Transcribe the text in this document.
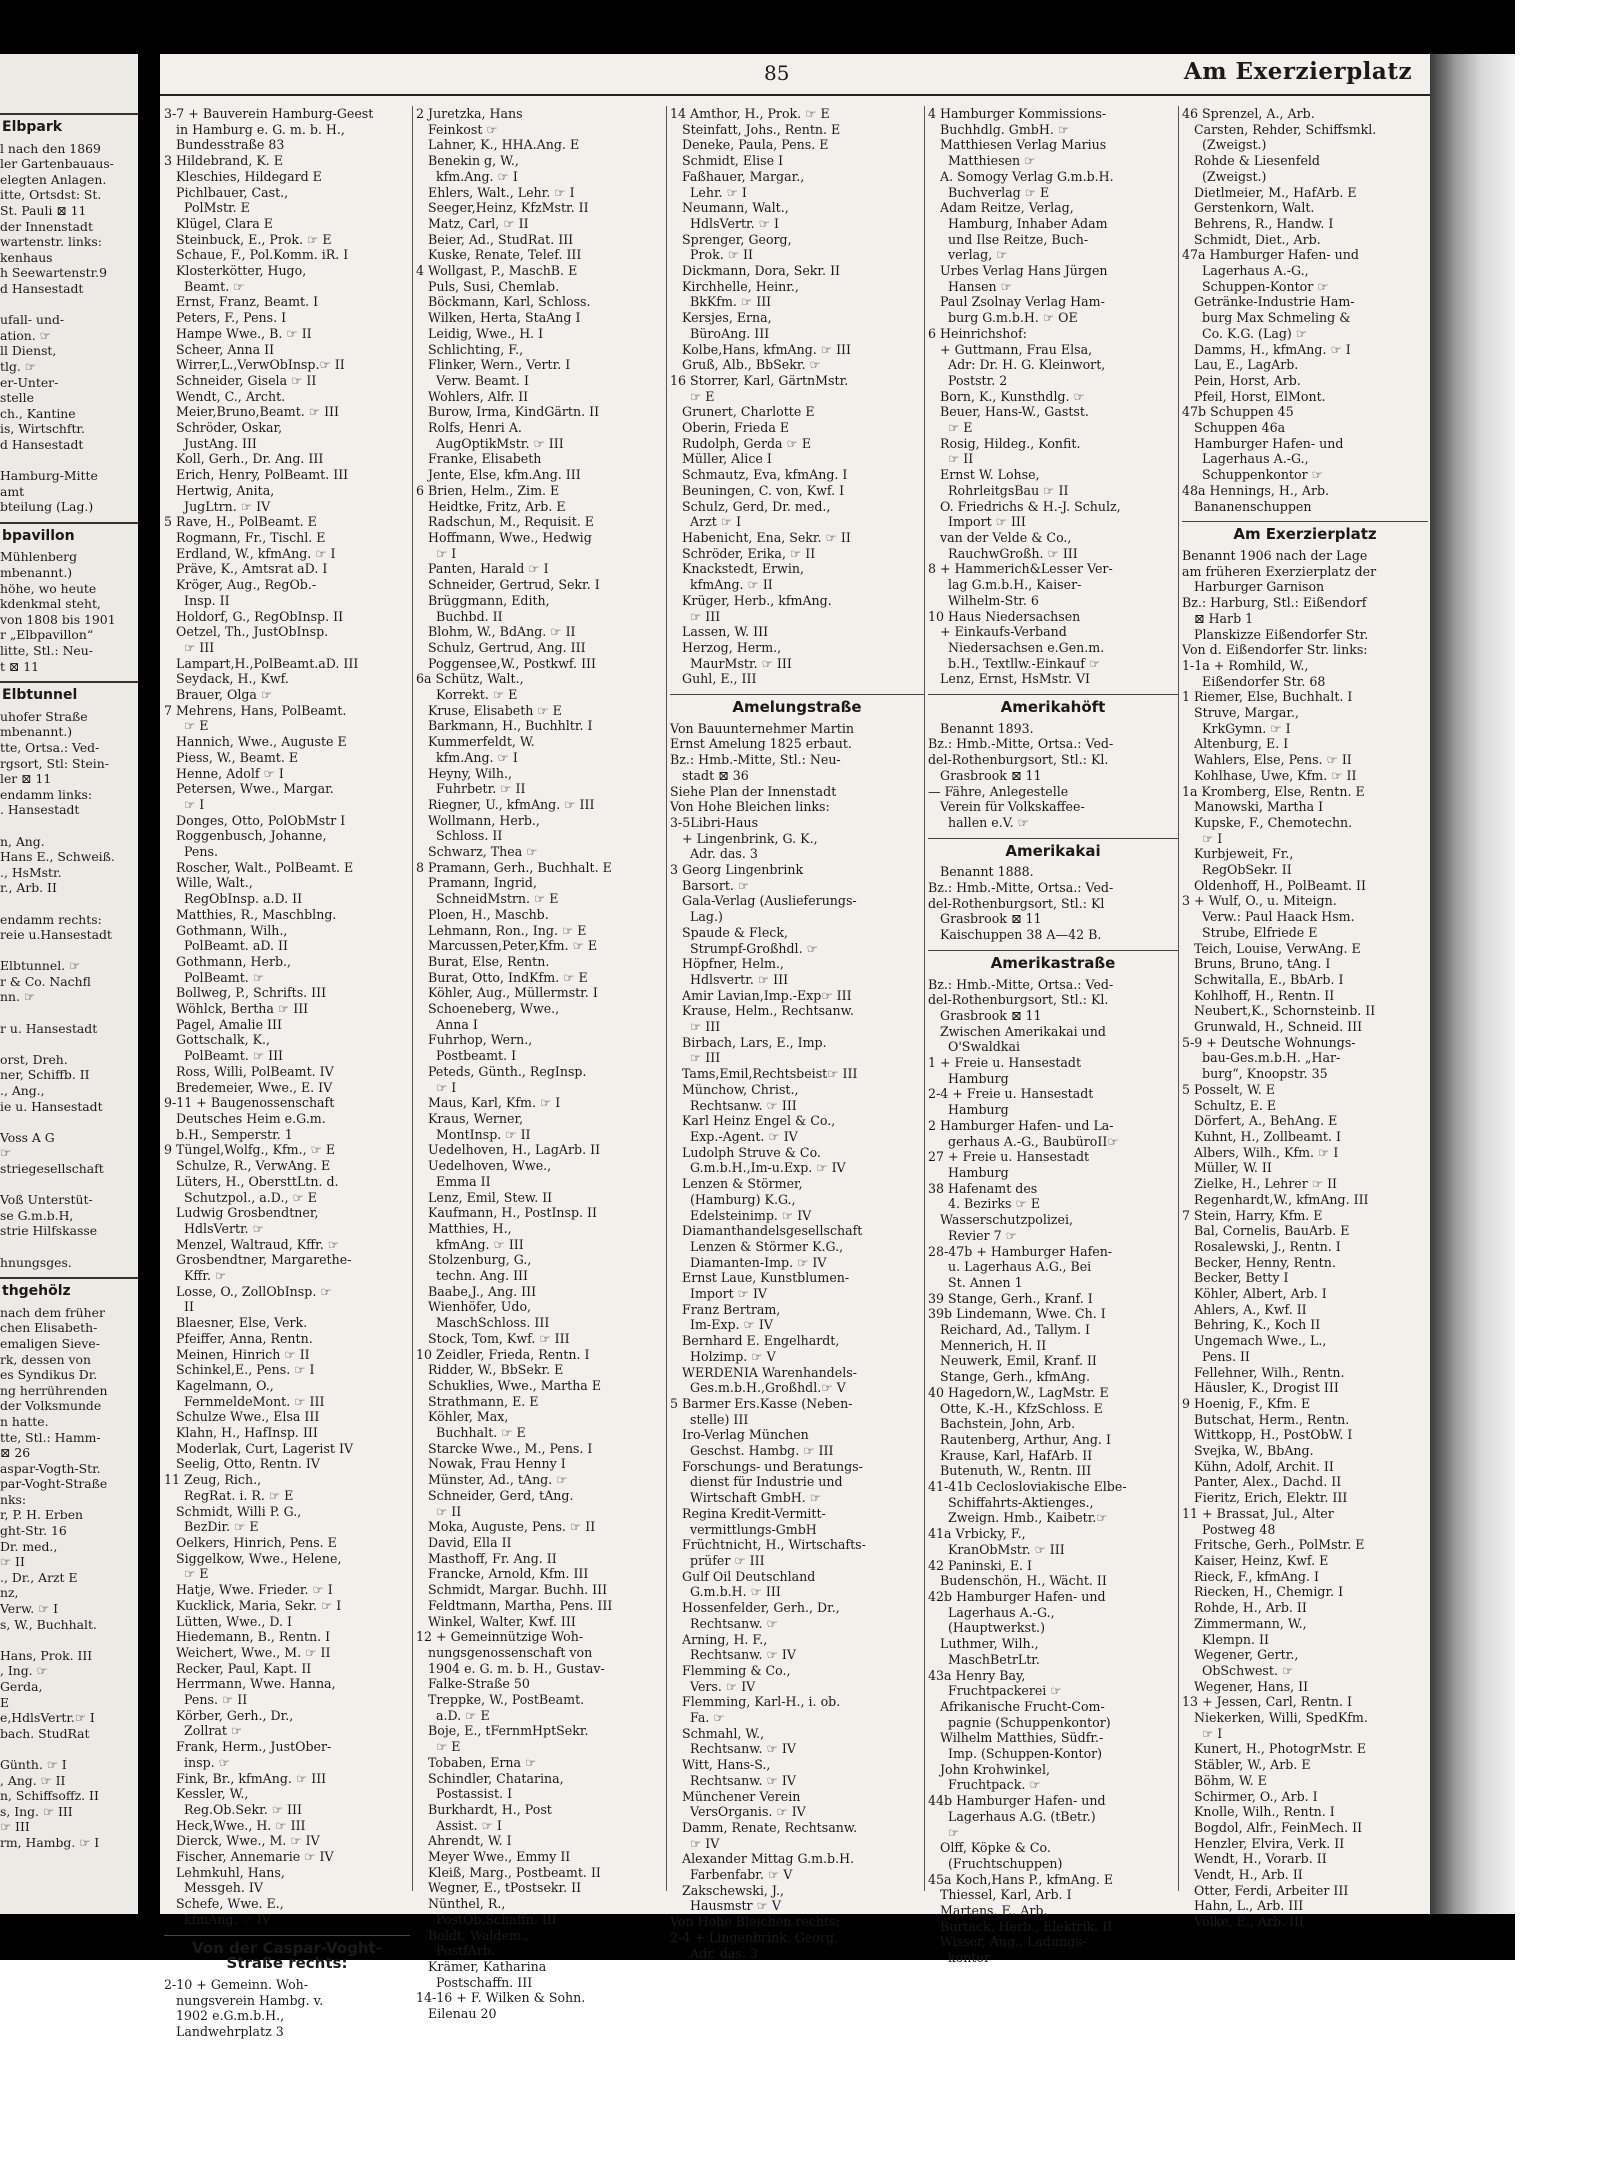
Elbpark
l nach den 1869
ler Gartenbauaus-
elegten Anlagen.
itte, Ortsdst: St.
St. Pauli ⊠ 11
der Innenstadt
wartenstr. links:
kenhaus
h Seewartenstr.9
d Hansestadt

ufall- und-
ation. ☞
ll Dienst,
tlg. ☞
er-Unter-
stelle
ch., Kantine
is, Wirtschftr.
d Hansestadt

Hamburg-Mitte
amt
bteilung (Lag.)
bpavillon
Mühlenberg
mbenannt.)
höhe, wo heute
kdenkmal steht,
von 1808 bis 1901
r „Elbpavillon“
litte, Stl.: Neu-
t ⊠ 11
Elbtunnel
uhofer Straße
mbenannt.)
tte, Ortsa.: Ved-
rgsort, Stl: Stein-
ler ⊠ 11
endamm links:
. Hansestadt

n, Ang.
Hans E., Schweiß.
., HsMstr.
r., Arb. II

endamm rechts:
reie u.Hansestadt

Elbtunnel. ☞
r & Co. Nachfl
nn. ☞

r u. Hansestadt

orst, Dreh.
ner, Schiffb. II
., Ang.,
ie u. Hansestadt

Voss A G
☞
striegesellschaft

Voß Unterstüt-
se G.m.b.H,
strie Hilfskasse

hnungsges.
thgehölz
nach dem früher
chen Elisabeth-
emaligen Sieve-
rk, dessen von
es Syndikus Dr.
ng herrührenden
der Volksmunde
n hatte.
tte, Stl.: Hamm-
⊠ 26
aspar-Vogth-Str.
par-Voght-Straße
nks:
r, P. H. Erben
ght-Str. 16
Dr. med.,
☞ II
., Dr., Arzt E
nz,
Verw. ☞ I
s, W., Buchhalt.

Hans, Prok. III
, Ing. ☞
Gerda,
E
e,HdlsVertr.☞ I
bach. StudRat

Günth. ☞ I
, Ang. ☞ II
n, Schiffsoffz. II
s, Ing. ☞ III
☞ III
rm, Hambg. ☞ I
85	Am Exerzierplatz
3-7 + Bauverein Hamburg-Geest
in Hamburg e. G. m. b. H.,
Bundesstraße 83
3 Hildebrand, K. E
Kleschies, Hildegard E
Pichlbauer, Cast.,
PolMstr. E
Klügel, Clara E
Steinbuck, E., Prok. ☞ E
Schaue, F., Pol.Komm. iR. I
Klosterkötter, Hugo,
Beamt. ☞
Ernst, Franz, Beamt. I
Peters, F., Pens. I
Hampe Wwe., B. ☞ II
Scheer, Anna II
Wirrer,L.,VerwObInsp.☞ II
Schneider, Gisela ☞ II
Wendt, C., Archt.
Meier,Bruno,Beamt. ☞ III
Schröder, Oskar,
JustAng. III
Koll, Gerh., Dr. Ang. III
Erich, Henry, PolBeamt. III
Hertwig, Anita,
JugLtrn. ☞ IV
5 Rave, H., PolBeamt. E
Rogmann, Fr., Tischl. E
Erdland, W., kfmAng. ☞ I
Präve, K., Amtsrat aD. I
Kröger, Aug., RegOb.-
Insp. II
Holdorf, G., RegObInsp. II
Oetzel, Th., JustObInsp.
☞ III
Lampart,H.,PolBeamt.aD. III
Seydack, H., Kwf.
Brauer, Olga ☞
7 Mehrens, Hans, PolBeamt.
☞ E
Hannich, Wwe., Auguste E
Piess, W., Beamt. E
Henne, Adolf ☞ I
Petersen, Wwe., Margar.
☞ I
Donges, Otto, PolObMstr I
Roggenbusch, Johanne,
Pens.
Roscher, Walt., PolBeamt. E
Wille, Walt.,
RegObInsp. a.D. II
Matthies, R., Maschblng.
Gothmann, Wilh.,
PolBeamt. aD. II
Gothmann, Herb.,
PolBeamt. ☞
Bollweg, P., Schrifts. III
Wöhlck, Bertha ☞ III
Pagel, Amalie III
Gottschalk, K.,
PolBeamt. ☞ III
Ross, Willi, PolBeamt. IV
Bredemeier, Wwe., E. IV
9-11 + Baugenossenschaft
Deutsches Heim e.G.m.
b.H., Semperstr. 1
9 Tüngel,Wolfg., Kfm., ☞ E
Schulze, R., VerwAng. E
Lüters, H., ObersttLtn. d.
Schutzpol., a.D., ☞ E
Ludwig Grosbendtner,
HdlsVertr. ☞
Menzel, Waltraud, Kffr. ☞
Grosbendtner, Margarethe-
Kffr. ☞
Losse, O., ZollObInsp. ☞
II
Blaesner, Else, Verk.
Pfeiffer, Anna, Rentn.
Meinen, Hinrich ☞ II
Schinkel,E., Pens. ☞ I
Kagelmann, O.,
FernmeldeMont. ☞ III
Schulze Wwe., Elsa III
Klahn, H., HafInsp. III
Moderlak, Curt, Lagerist IV
Seelig, Otto, Rentn. IV
11 Zeug, Rich.,
RegRat. i. R. ☞ E
Schmidt, Willi P. G.,
BezDir. ☞ E
Oelkers, Hinrich, Pens. E
Siggelkow, Wwe., Helene,
☞ E
Hatje, Wwe. Frieder. ☞ I
Kucklick, Maria, Sekr. ☞ I
Lütten, Wwe., D. I
Hiedemann, B., Rentn. I
Weichert, Wwe., M. ☞ II
Recker, Paul, Kapt. II
Herrmann, Wwe. Hanna,
Pens. ☞ II
Körber, Gerh., Dr.,
Zollrat ☞
Frank, Herm., JustOber-
insp. ☞
Fink, Br., kfmAng. ☞ III
Kessler, W.,
Reg.Ob.Sekr. ☞ III
Heck,Wwe., H. ☞ III
Dierck, Wwe., M. ☞ IV
Fischer, Annemarie ☞ IV
Lehmkuhl, Hans,
Messgeh. IV
Schefe, Wwe. E.,
kfmAng. ☞ IV
Von der Caspar-Voght-Straße rechts:
2-10 + Gemeinn. Woh-
nungsverein Hambg. v.
1902 e.G.m.b.H.,
Landwehrplatz 3
2 Juretzka, Hans
Feinkost ☞
Lahner, K., HHA.Ang. E
Benekin g, W.,
kfm.Ang. ☞ I
Ehlers, Walt., Lehr. ☞ I
Seeger,Heinz, KfzMstr. II
Matz, Carl, ☞ II
Beier, Ad., StudRat. III
Kuske, Renate, Telef. III
4 Wollgast, P., MaschB. E
Puls, Susi, Chemlab.
Böckmann, Karl, Schloss.
Wilken, Herta, StaAng I
Leidig, Wwe., H. I
Schlichting, F.,
Flinker, Wern., Vertr. I
Verw. Beamt. I
Wohlers, Alfr. II
Burow, Irma, KindGärtn. II
Rolfs, Henri A.
AugOptikMstr. ☞ III
Franke, Elisabeth
Jente, Else, kfm.Ang. III
6 Brien, Helm., Zim. E
Heidtke, Fritz, Arb. E
Radschun, M., Requisit. E
Hoffmann, Wwe., Hedwig
☞ I
Panten, Harald ☞ I
Schneider, Gertrud, Sekr. I
Brüggmann, Edith,
Buchbd. II
Blohm, W., BdAng. ☞ II
Schulz, Gertrud, Ang. III
Poggensee,W., Postkwf. III
6a Schütz, Walt.,
Korrekt. ☞ E
Kruse, Elisabeth ☞ E
Barkmann, H., Buchhltr. I
Kummerfeldt, W.
kfm.Ang. ☞ I
Heyny, Wilh.,
Fuhrbetr. ☞ II
Riegner, U., kfmAng. ☞ III
Wollmann, Herb.,
Schloss. II
Schwarz, Thea ☞
8 Pramann, Gerh., Buchhalt. E
Pramann, Ingrid,
SchneidMstrn. ☞ E
Ploen, H., Maschb.
Lehmann, Ron., Ing. ☞ E
Marcussen,Peter,Kfm. ☞ E
Burat, Else, Rentn.
Burat, Otto, IndKfm. ☞ E
Köhler, Aug., Müllermstr. I
Schoeneberg, Wwe.,
Anna I
Fuhrhop, Wern.,
Postbeamt. I
Peteds, Günth., RegInsp.
☞ I
Maus, Karl, Kfm. ☞ I
Kraus, Werner,
MontInsp. ☞ II
Uedelhoven, H., LagArb. II
Uedelhoven, Wwe.,
Emma II
Lenz, Emil, Stew. II
Kaufmann, H., PostInsp. II
Matthies, H.,
kfmAng. ☞ III
Stolzenburg, G.,
techn. Ang. III
Baabe,J., Ang. III
Wienhöfer, Udo,
MaschSchloss. III
Stock, Tom, Kwf. ☞ III
10 Zeidler, Frieda, Rentn. I
Ridder, W., BbSekr. E
Schuklies, Wwe., Martha E
Strathmann, E. E
Köhler, Max,
Buchhalt. ☞ E
Starcke Wwe., M., Pens. I
Nowak, Frau Henny I
Münster, Ad., tAng. ☞
Schneider, Gerd, tAng.
☞ II
Moka, Auguste, Pens. ☞ II
David, Ella II
Masthoff, Fr. Ang. II
Francke, Arnold, Kfm. III
Schmidt, Margar. Buchh. III
Feldtmann, Martha, Pens. III
Winkel, Walter, Kwf. III
12 + Gemeinnützige Woh-
nungsgenossenschaft von
1904 e. G. m. b. H., Gustav-
Falke-Straße 50
Treppke, W., PostBeamt.
a.D. ☞ E
Boje, E., tFernmHptSekr.
☞ E
Tobaben, Erna ☞
Schindler, Chatarina,
Postassist. I
Burkhardt, H., Post
Assist. ☞ I
Ahrendt, W. I
Meyer Wwe., Emmy II
Kleiß, Marg., Postbeamt. II
Wegner, E., tPostsekr. II
Nünthel, R.,
PostOb.Schaffn. III
Boldt, Waldem.,
PostfArb.
Krämer, Katharina
Postschaffn. III
14-16 + F. Wilken & Sohn.
Eilenau 20
14 Amthor, H., Prok. ☞ E
Steinfatt, Johs., Rentn. E
Deneke, Paula, Pens. E
Schmidt, Elise I
Faßhauer, Margar.,
Lehr. ☞ I
Neumann, Walt.,
HdlsVertr. ☞ I
Sprenger, Georg,
Prok. ☞ II
Dickmann, Dora, Sekr. II
Kirchhelle, Heinr.,
BkKfm. ☞ III
Kersjes, Erna,
BüroAng. III
Kolbe,Hans, kfmAng. ☞ III
Gruß, Alb., BbSekr. ☞
16 Storrer, Karl, GärtnMstr.
☞ E
Grunert, Charlotte E
Oberin, Frieda E
Rudolph, Gerda ☞ E
Müller, Alice I
Schmautz, Eva, kfmAng. I
Beuningen, C. von, Kwf. I
Schulz, Gerd, Dr. med.,
Arzt ☞ I
Habenicht, Ena, Sekr. ☞ II
Schröder, Erika, ☞ II
Knackstedt, Erwin,
kfmAng. ☞ II
Krüger, Herb., kfmAng.
☞ III
Lassen, W. III
Herzog, Herm.,
MaurMstr. ☞ III
Guhl, E., III
Amelungstraße
Von Bauunternehmer Martin
Ernst Amelung 1825 erbaut.
Bz.: Hmb.-Mitte, Stl.: Neu-
stadt ⊠ 36
Siehe Plan der Innenstadt
Von Hohe Bleichen links:
3-5Libri-Haus
+ Lingenbrink, G. K.,
Adr. das. 3
3 Georg Lingenbrink
Barsort. ☞
Gala-Verlag (Auslieferungs-
Lag.)
Spaude & Fleck,
Strumpf-Großhdl. ☞
Höpfner, Helm.,
Hdlsvertr. ☞ III
Amir Lavian,Imp.-Exp☞ III
Krause, Helm., Rechtsanw.
☞ III
Birbach, Lars, E., Imp.
☞ III
Tams,Emil,Rechtsbeist☞ III
Münchow, Christ.,
Rechtsanw. ☞ III
Karl Heinz Engel & Co.,
Exp.-Agent. ☞ IV
Ludolph Struve & Co.
G.m.b.H.,Im-u.Exp. ☞ IV
Lenzen & Störmer,
(Hamburg) K.G.,
Edelsteinimp. ☞ IV
Diamanthandelsgesellschaft
Lenzen & Störmer K.G.,
Diamanten-Imp. ☞ IV
Ernst Laue, Kunstblumen-
Import ☞ IV
Franz Bertram,
Im-Exp. ☞ IV
Bernhard E. Engelhardt,
Holzimp. ☞ V
WERDENIA Warenhandels-
Ges.m.b.H.,Großhdl.☞ V
5 Barmer Ers.Kasse (Neben-
stelle) III
Iro-Verlag München
Geschst. Hambg. ☞ III
Forschungs- und Beratungs-
dienst für Industrie und
Wirtschaft GmbH. ☞
Regina Kredit-Vermitt-
vermittlungs-GmbH
Früchtnicht, H., Wirtschafts-
prüfer ☞ III
Gulf Oil Deutschland
G.m.b.H. ☞ III
Hossenfelder, Gerh., Dr.,
Rechtsanw. ☞
Arning, H. F.,
Rechtsanw. ☞ IV
Flemming & Co.,
Vers. ☞ IV
Flemming, Karl-H., i. ob.
Fa. ☞
Schmahl, W.,
Rechtsanw. ☞ IV
Witt, Hans-S.,
Rechtsanw. ☞ IV
Münchener Verein
VersOrganis. ☞ IV
Damm, Renate, Rechtsanw.
☞ IV
Alexander Mittag G.m.b.H.
Farbenfabr. ☞ V
Zakschewski, J.,
Hausmstr ☞ V
Von Hohe Bleichen rechts:
2-4 + Lingenbrink, Georg,
Adr. das. 3
4 Hamburger Kommissions-
Buchhdlg. GmbH. ☞
Matthiesen Verlag Marius
Matthiesen ☞
A. Somogy Verlag G.m.b.H.
Buchverlag ☞ E
Adam Reitze, Verlag,
Hamburg, Inhaber Adam
und Ilse Reitze, Buch-
verlag, ☞
Urbes Verlag Hans Jürgen
Hansen ☞
Paul Zsolnay Verlag Ham-
burg G.m.b.H. ☞ OE
6 Heinrichshof:
+ Guttmann, Frau Elsa,
Adr: Dr. H. G. Kleinwort,
Poststr. 2
Born, K., Kunsthdlg. ☞
Beuer, Hans-W., Gastst.
☞ E
Rosig, Hildeg., Konfit.
☞ II
Ernst W. Lohse,
RohrleitgsBau ☞ II
O. Friedrichs & H.-J. Schulz,
Import ☞ III
van der Velde & Co.,
RauchwGroßh. ☞ III
8 + Hammerich&Lesser Ver-
lag G.m.b.H., Kaiser-
Wilhelm-Str. 6
10 Haus Niedersachsen
+ Einkaufs-Verband
Niedersachsen e.Gen.m.
b.H., Textllw.-Einkauf ☞
Lenz, Ernst, HsMstr. VI
Amerikahöft
Benannt 1893.
Bz.: Hmb.-Mitte, Ortsa.: Ved-
del-Rothenburgsort, Stl.: Kl.
Grasbrook ⊠ 11
— Fähre, Anlegestelle
Verein für Volkskaffee-
hallen e.V. ☞
Amerikakai
Benannt 1888.
Bz.: Hmb.-Mitte, Ortsa.: Ved-
del-Rothenburgsort, Stl.: Kl
Grasbrook ⊠ 11
Kaischuppen 38 A—42 B.
Amerikastraße
Bz.: Hmb.-Mitte, Ortsa.: Ved-
del-Rothenburgsort, Stl.: Kl.
Grasbrook ⊠ 11
Zwischen Amerikakai und
O'Swaldkai
1 + Freie u. Hansestadt
Hamburg
2-4 + Freie u. Hansestadt
Hamburg
2 Hamburger Hafen- und La-
gerhaus A.-G., BaubüroII☞
27 + Freie u. Hansestadt
Hamburg
38 Hafenamt des
4. Bezirks ☞ E
Wasserschutzpolizei,
Revier 7 ☞
28-47b + Hamburger Hafen-
u. Lagerhaus A.G., Bei
St. Annen 1
39 Stange, Gerh., Kranf. I
39b Lindemann, Wwe. Ch. I
Reichard, Ad., Tallym. I
Mennerich, H. II
Neuwerk, Emil, Kranf. II
Stange, Gerh., kfmAng.
40 Hagedorn,W., LagMstr. E
Otte, K.-H., KfzSchloss. E
Bachstein, John, Arb.
Rautenberg, Arthur, Ang. I
Krause, Karl, HafArb. II
Butenuth, W., Rentn. III
41-41b Ceclosloviakische Elbe-
Schiffahrts-Aktienges.,
Zweign. Hmb., Kaibetr.☞
41a Vrbicky, F.,
KranObMstr. ☞ III
42 Paninski, E. I
Budenschön, H., Wächt. II
42b Hamburger Hafen- und
Lagerhaus A.-G.,
(Hauptwerkst.)
Luthmer, Wilh.,
MaschBetrLtr.
43a Henry Bay,
Fruchtpackerei ☞
Afrikanische Frucht-Com-
pagnie (Schuppenkontor)
Wilhelm Matthies, Südfr.-
Imp. (Schuppen-Kontor)
John Krohwinkel,
Fruchtpack. ☞
44b Hamburger Hafen- und
Lagerhaus A.G. (tBetr.)
☞
Olff, Köpke & Co.
(Fruchtschuppen)
45a Koch,Hans P., kfmAng. E
Thiessel, Karl, Arb. I
Martens, F., Arb.
Burtack, Herb., Elektrik. II
Wisser, Aug., Ladungs-
kontor
46 Sprenzel, A., Arb.
Carsten, Rehder, Schiffsmkl.
(Zweigst.)
Rohde & Liesenfeld
(Zweigst.)
Dietlmeier, M., HafArb. E
Gerstenkorn, Walt.
Behrens, R., Handw. I
Schmidt, Diet., Arb.
47a Hamburger Hafen- und
Lagerhaus A.-G.,
Schuppen-Kontor ☞
Getränke-Industrie Ham-
burg Max Schmeling &
Co. K.G. (Lag) ☞
Damms, H., kfmAng. ☞ I
Lau, E., LagArb.
Pein, Horst, Arb.
Pfeil, Horst, ElMont.
47b Schuppen 45
Schuppen 46a
Hamburger Hafen- und
Lagerhaus A.-G.,
Schuppenkontor ☞
48a Hennings, H., Arb.
Bananenschuppen
Am Exerzierplatz
Benannt 1906 nach der Lage
am früheren Exerzierplatz der
Harburger Garnison
Bz.: Harburg, Stl.: Eißendorf
⊠ Harb 1
Planskizze Eißendorfer Str.
Von d. Eißendorfer Str. links:
1-1a + Romhild, W.,
Eißendorfer Str. 68
1 Riemer, Else, Buchhalt. I
Struve, Margar.,
KrkGymn. ☞ I
Altenburg, E. I
Wahlers, Else, Pens. ☞ II
Kohlhase, Uwe, Kfm. ☞ II
1a Kromberg, Else, Rentn. E
Manowski, Martha I
Kupske, F., Chemotechn.
☞ I
Kurbjeweit, Fr.,
RegObSekr. II
Oldenhoff, H., PolBeamt. II
3 + Wulf, O., u. Miteign.
Verw.: Paul Haack Hsm.
Strube, Elfriede E
Teich, Louise, VerwAng. E
Bruns, Bruno, tAng. I
Schwitalla, E., BbArb. I
Kohlhoff, H., Rentn. II
Neubert,K., Schornsteinb. II
Grunwald, H., Schneid. III
5-9 + Deutsche Wohnungs-
bau-Ges.m.b.H. „Har-
burg“, Knoopstr. 35
5 Posselt, W. E
Schultz, E. E
Dörfert, A., BehAng. E
Kuhnt, H., Zollbeamt. I
Albers, Wilh., Kfm. ☞ I
Müller, W. II
Zielke, H., Lehrer ☞ II
Regenhardt,W., kfmAng. III
7 Stein, Harry, Kfm. E
Bal, Cornelis, BauArb. E
Rosalewski, J., Rentn. I
Becker, Henny, Rentn.
Becker, Betty I
Köhler, Albert, Arb. I
Ahlers, A., Kwf. II
Behring, K., Koch II
Ungemach Wwe., L.,
Pens. II
Fellehner, Wilh., Rentn.
Häusler, K., Drogist III
9 Hoenig, F., Kfm. E
Butschat, Herm., Rentn.
Wittkopp, H., PostObW. I
Svejka, W., BbAng.
Kühn, Adolf, Archit. II
Panter, Alex., Dachd. II
Fieritz, Erich, Elektr. III
11 + Brassat, Jul., Alter
Postweg 48
Fritsche, Gerh., PolMstr. E
Kaiser, Heinz, Kwf. E
Rieck, F., kfmAng. I
Riecken, H., Chemigr. I
Rohde, H., Arb. II
Zimmermann, W.,
Klempn. II
Wegener, Gertr.,
ObSchwest. ☞
Wegener, Hans, II
13 + Jessen, Carl, Rentn. I
Niekerken, Willi, SpedKfm.
☞ I
Kunert, H., PhotogrMstr. E
Stäbler, W., Arb. E
Böhm, W. E
Schirmer, O., Arb. I
Knolle, Wilh., Rentn. I
Bogdol, Alfr., FeinMech. II
Henzler, Elvira, Verk. II
Wendt, H., Vorarb. II
Vendt, H., Arb. II
Otter, Ferdi, Arbeiter III
Hahn, L., Arb. III
Völke, E., Arb. III
